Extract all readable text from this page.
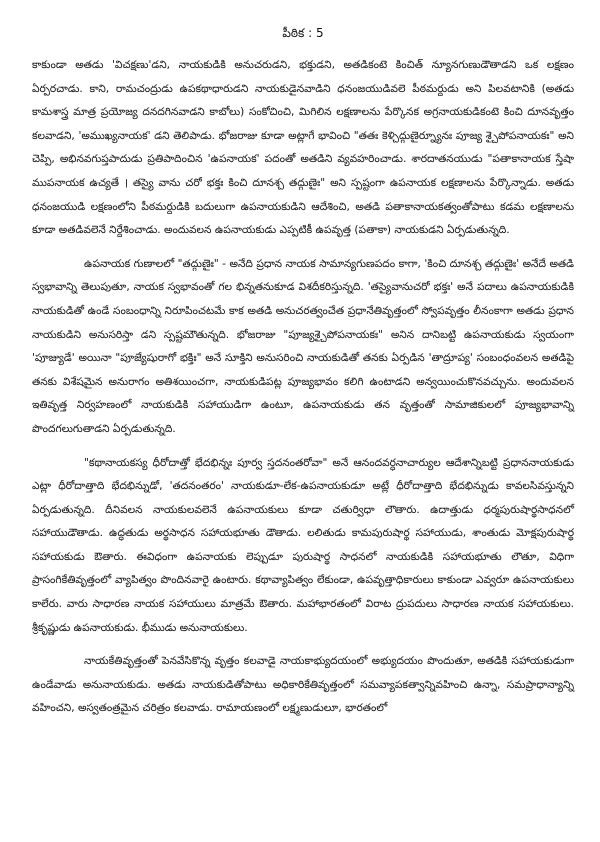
పీఠిక : 5

కాకుండా అతడు 'విచక్షణు'డని, నాయకుడికి అనుచరుడని, భక్తుడని, అతడికంటె కించిత్ న్యూనగుణుడౌతాడని ఒక లక్షణం ఏర్పరచాడు. కాని, రామచంద్రుడు ఉపకథాధారుడని నాయకుడైనవాడిని ధనంజయుడివలె పీఠమర్దుడు అని పిలవటానికి (అతడు కామశాస్త్ర మాత్ర ప్రయోజ్య దనదగినవాడని కాబోలు) సంకోచించి, మిగిలిన లక్షణాలను పేర్కొనక అగ్రనాయకుడికంటె కించి దూనవృత్తం కలవాడని, 'అముఖ్యనాయక' డని తెలిపాడు. భోజరాజు కూడా అట్లాగే భావించి "తతః కెళ్చిద్గుణైర్న్యూనః పూజ్య శ్చైపోపనాయకః" అని చెప్పి, అభినవగుప్తపాదుడు ప్రతిపాదించిన 'ఉపనాయక' పదంతో అతడిని వ్యవహరించాడు. శారదాతనయుడు "పతాకానాయక స్తేషా ముపనాయక ఉచ్యతే । తస్యై వాను చరో భక్తః కించి దూనశ్చ తద్గుణైః" అని స్పష్టంగా ఉపనాయక లక్షణాలను పేర్కొన్నాడు. అతడు ధనంజయుడి లక్షణంలోని పీఠమర్దుడికి బదులుగా ఉపనాయకుడిని ఆదేశించి, అతడి పతాకానాయకత్వంతోపాటు కడమ లక్షణాలను కూడా అతడివలెనే నిర్దేశించాడు. అందువలన ఉపనాయకుడు ఎప్పటికీ ఉపవృత్త (పతాకా) నాయకుడని ఏర్పడుతున్నది.

ఉపనాయక గుణాలలో "తద్గుణైః" - అనేది ప్రధాన నాయక సామాన్యగుణపదం కాగా, 'కించి దూనశ్చ తద్గుణైః' అనేదే అతడి స్వభావాన్ని తెలుపుతూ, నాయక స్వభావంతో గల భిన్నతనుకూడ విశదీకరిస్తున్నది. 'తస్యైవానుచరో భక్తః' అనే పదాలు ఉపనాయకుడికి నాయకుడితో ఉండే సంబంధాన్ని నిరూపించటమే కాక అతడి అనుచరత్వంచేత ప్రధానేతివృత్తంలో స్వోపవృత్తం లీనంకాగా అతడు ప్రధాన నాయకుడిని అనుసరిస్తా డని స్పష్టమౌతున్నది. భోజరాజు "పూజ్యశ్చైపోపనాయకః" అనిన దానిబట్టి ఉపనాయకుడు స్వయంగా 'పూజ్యుడే' అయినా "పూజ్యేషురాగో భక్తిః" అనే సూక్తిని అనుసరించి నాయకుడితో తనకు ఏర్పడిన 'తాద్రూప్య' సంబంధంవలన అతడిపై తనకు విశేషమైన అనురాగం అతిశయించగా, నాయకుడిపట్ల పూజ్యభావం కలిగి ఉంటాడని అన్వయించుకొనవచ్చును. అందువలన ఇతివృత్త నిర్వహణంలో నాయకుడికి సహాయుడిగా ఉంటూ, ఉపనాయకుడు తన వృత్తంతో సామాజికులలో పూజ్యభావాన్ని పొందగలుగుతాడని ఏర్పడుతున్నది.

"కథానాయకస్య ధీరోదాత్తో భేదభిన్నః పూర్వ స్తదనంతరోవా" అనే ఆనందవర్ధనాచార్యుల ఆదేశాన్నిబట్టి ప్రధాననాయకుడు ఎట్లా ధీరోదాత్తాది భేదభిన్నుడో, 'తదనంతరం' నాయకుడూ-లేక-ఉపనాయకుడూ అట్లే ధీరోదాత్తాది భేదభిన్నుడు కావలసివస్తున్నని ఏర్పడుతున్నది. దీనివలన నాయకులవలెనే ఉపనాయకులు కూడా చతుర్విధా లౌతారు. ఉదాత్తుడు ధర్మపురుషార్థసాధనలో సహాయుడౌతాడు. ఉద్ధతుడు అర్థసాధన సహాయభూతు డౌతాడు. లలితుడు కామపురుషార్థ సహాయుడు, శాంతుడు మోక్షపురుషార్థ సహాయకుడు ఔతారు. ఈవిధంగా ఉపనాయకు లెప్పుడూ పురుషార్థ సాధనలో నాయకుడికి సహాయభూతు లౌతూ, విధిగా ప్రాసంగికేతివృత్తంలో వ్యాపిత్వం పొందినవారై ఉంటారు. కథావ్యాపిత్వం లేకుండా, ఉపవృత్తాధికారులు కాకుండా ఎవ్వరూ ఉపనాయకులు కాలేరు. వారు సాధారణ నాయక సహాయులు మాత్రమే ఔతారు. మహాభారతంలో విరాట ద్రుపదులు సాధారణ నాయక సహాయకులు. శ్రీకృష్ణుడు ఉపనాయకుడు. భీముడు అనునాయకులు.

నాయకేతివృత్తంతో పెనవేసికొన్న వృత్తం కలవాడై నాయకాభ్యుదయంలో అభ్యుదయం పొందుతూ, అతడికి సహాయకుడుగా ఉండేవాడు అనునాయకుడు. అతడు నాయకుడితోపాటు అధికారికేతివృత్తంలో సమవ్యాపకత్వాన్నివహించి ఉన్నా, సమప్రాధాన్యాన్ని వహించని, అస్వతంత్రమైన చరిత్రం కలవాడు. రామాయణంలో లక్ష్మణుడులూ, భారతంలో
